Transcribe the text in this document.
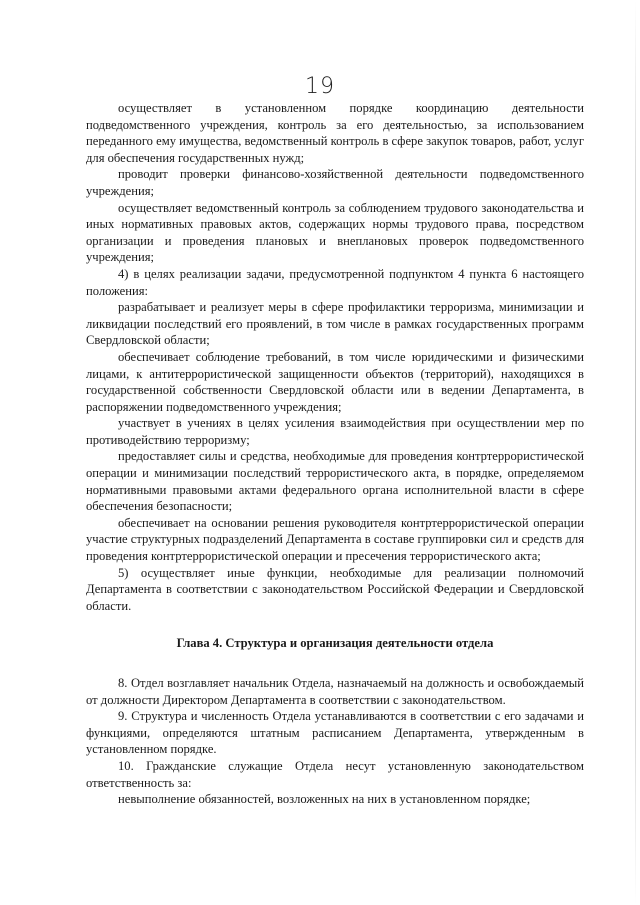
19

осуществляет в установленном порядке координацию деятельности подведомственного учреждения, контроль за его деятельностью, за использованием переданного ему имущества, ведомственный контроль в сфере закупок товаров, работ, услуг для обеспечения государственных нужд;

проводит проверки финансово-хозяйственной деятельности подведомственного учреждения;

осуществляет ведомственный контроль за соблюдением трудового законодательства и иных нормативных правовых актов, содержащих нормы трудового права, посредством организации и проведения плановых и внеплановых проверок подведомственного учреждения;

4) в целях реализации задачи, предусмотренной подпунктом 4 пункта 6 настоящего положения:

разрабатывает и реализует меры в сфере профилактики терроризма, минимизации и ликвидации последствий его проявлений, в том числе в рамках государственных программ Свердловской области;

обеспечивает соблюдение требований, в том числе юридическими и физическими лицами, к антитеррористической защищенности объектов (территорий), находящихся в государственной собственности Свердловской области или в ведении Департамента, в распоряжении подведомственного учреждения;

участвует в учениях в целях усиления взаимодействия при осуществлении мер по противодействию терроризму;

предоставляет силы и средства, необходимые для проведения контртеррористической операции и минимизации последствий террористического акта, в порядке, определяемом нормативными правовыми актами федерального органа исполнительной власти в сфере обеспечения безопасности;

обеспечивает на основании решения руководителя контртеррористической операции участие структурных подразделений Департамента в составе группировки сил и средств для проведения контртеррористической операции и пресечения террористического акта;

5) осуществляет иные функции, необходимые для реализации полномочий Департамента в соответствии с законодательством Российской Федерации и Свердловской области.

Глава 4. Структура и организация деятельности отдела

8. Отдел возглавляет начальник Отдела, назначаемый на должность и освобождаемый от должности Директором Департамента в соответствии с законодательством.

9. Структура и численность Отдела устанавливаются в соответствии с его задачами и функциями, определяются штатным расписанием Департамента, утвержденным в установленном порядке.

10. Гражданские служащие Отдела несут установленную законодательством ответственность за:

невыполнение обязанностей, возложенных на них в установленном порядке;
